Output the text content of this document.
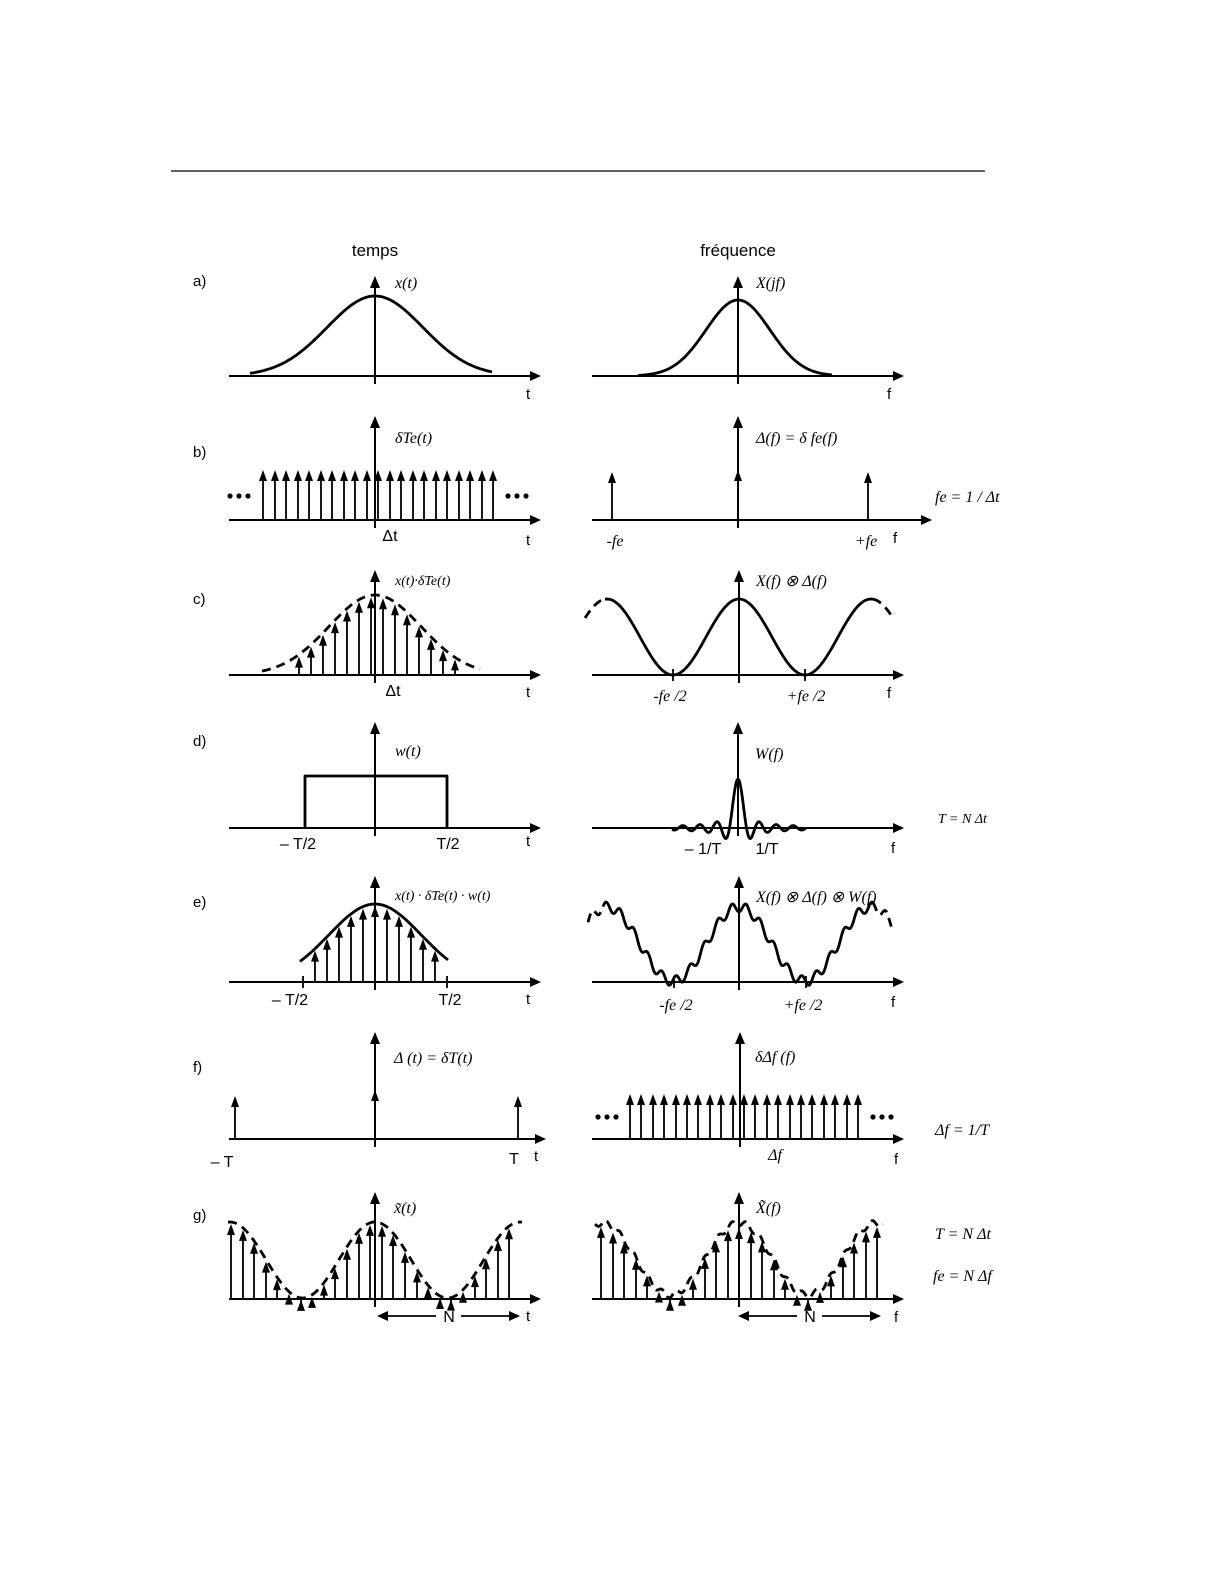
temps	fréquence
a)
b)
c)
d)
e)
f)
g)
x(t)
t
X(jf)
f
δTe(t)
Δt	t
Δ(f) = δ fe(f)
-fe	+fe f
fe = 1 / Δt
x(t)·δTe(t)
Δt	t
X(f) ⊗ Δ(f)
-fe /2	+fe /2	f
w(t)
– T/2	T/2	t
W(f)
– 1/T 1/T	f
T = N Δt
x(t) · δTe(t) · w(t)
– T/2	T/2	t
X(f) ⊗ Δ(f) ⊗ W(f)
-fe /2	+fe /2	f
Δ (t) = δT(t)
– T	T t
δΔf (f)
Δf	f
Δf = 1/T
x̃(t)
N	t
X̃(f)
N	f
T = N Δt
fe = N Δf
